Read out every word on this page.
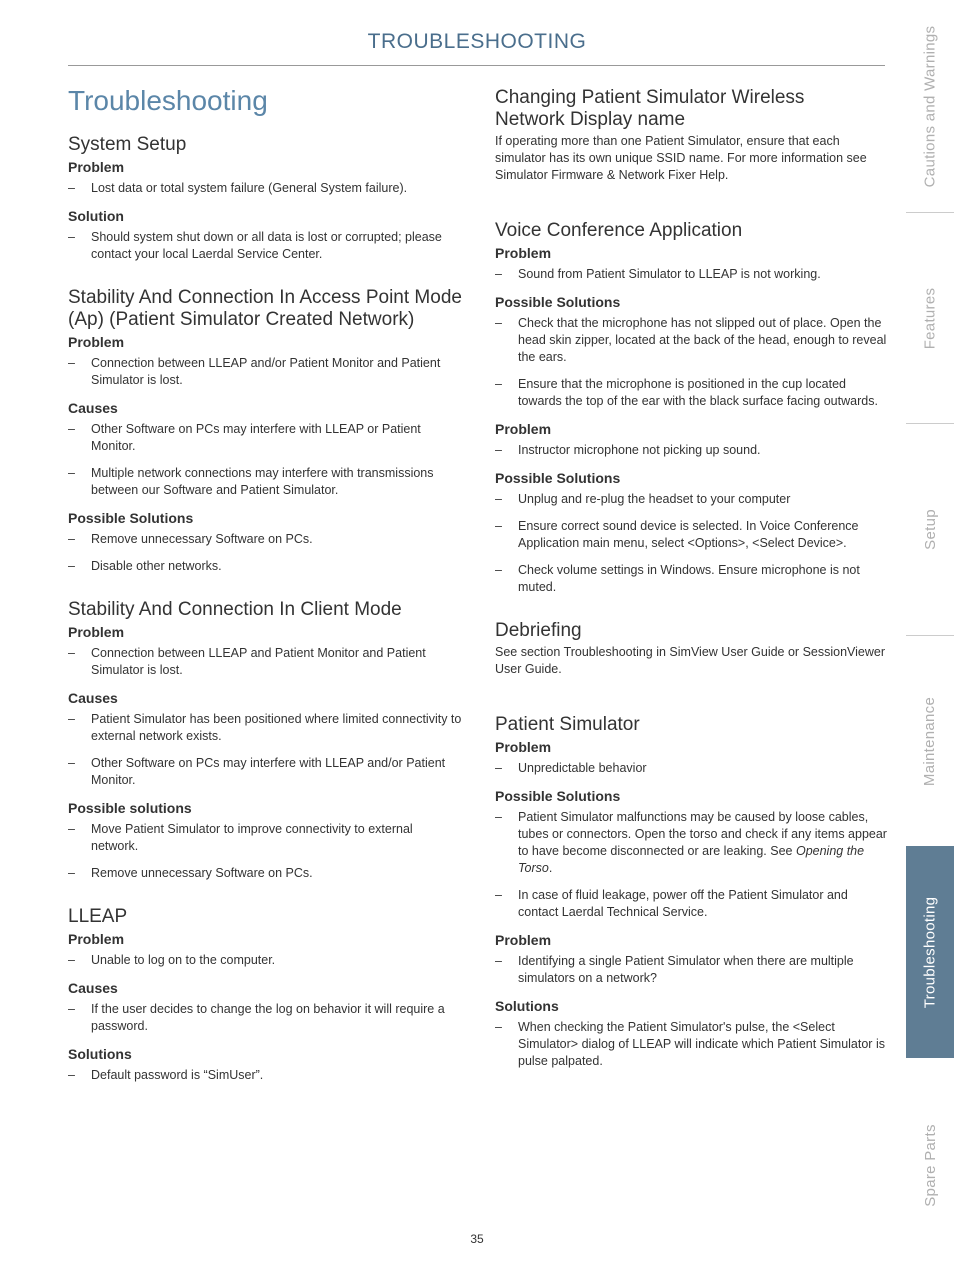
TROUBLESHOOTING
Troubleshooting
System Setup
Problem
– Lost data or total system failure (General System failure).
Solution
– Should system shut down or all data is lost or corrupted; please contact your local Laerdal Service Center.
Stability And Connection In Access Point Mode (Ap) (Patient Simulator Created Network)
Problem
– Connection between LLEAP and/or Patient Monitor and Patient Simulator is lost.
Causes
– Other Software on PCs may interfere with LLEAP or Patient Monitor.
– Multiple network connections may interfere with transmissions between our Software and Patient Simulator.
Possible Solutions
– Remove unnecessary Software on PCs.
– Disable other networks.
Stability And Connection In Client Mode
Problem
– Connection between LLEAP and Patient Monitor and Patient Simulator is lost.
Causes
– Patient Simulator has been positioned where limited connectivity to external network exists.
– Other Software on PCs may interfere with LLEAP and/or Patient Monitor.
Possible solutions
– Move Patient Simulator to improve connectivity to external network.
– Remove unnecessary Software on PCs.
LLEAP
Problem
– Unable to log on to the computer.
Causes
– If the user decides to change the log on behavior it will require a password.
Solutions
– Default password is “SimUser”.
Changing Patient Simulator Wireless
Network Display name

If operating more than one Patient Simulator, ensure that each simulator has its own unique SSID name. For more information see Simulator Firmware & Network Fixer Help.

Voice Conference Application
Problem
– Sound from Patient Simulator to LLEAP is not working.
Possible Solutions
– Check that the microphone has not slipped out of place. Open the head skin zipper, located at the back of the head, enough to reveal the ears.
– Ensure that the microphone is positioned in the cup located towards the top of the ear with the black surface facing outwards.
Problem
– Instructor microphone not picking up sound.
Possible Solutions
– Unplug and re-plug the headset to your computer
– Ensure correct sound device is selected. In Voice Conference Application main menu, select <Options>, <Select Device>.
– Check volume settings in Windows. Ensure microphone is not muted.
Debriefing

See section Troubleshooting in SimView User Guide or SessionViewer User Guide.

Patient Simulator
Problem
– Unpredictable behavior
Possible Solutions
– Patient Simulator malfunctions may be caused by loose cables, tubes or connectors. Open the torso and check if any items appear to have become disconnected or are leaking. See Opening the Torso.
– In case of fluid leakage, power off the Patient Simulator and contact Laerdal Technical Service.
Problem
– Identifying a single Patient Simulator when there are multiple simulators on a network?
Solutions
– When checking the Patient Simulator's pulse, the <Select Simulator> dialog of LLEAP will indicate which Patient Simulator is pulse palpated.
Cautions and Warnings
Features
Setup
Maintenance
Troubleshooting
Spare Parts
35
